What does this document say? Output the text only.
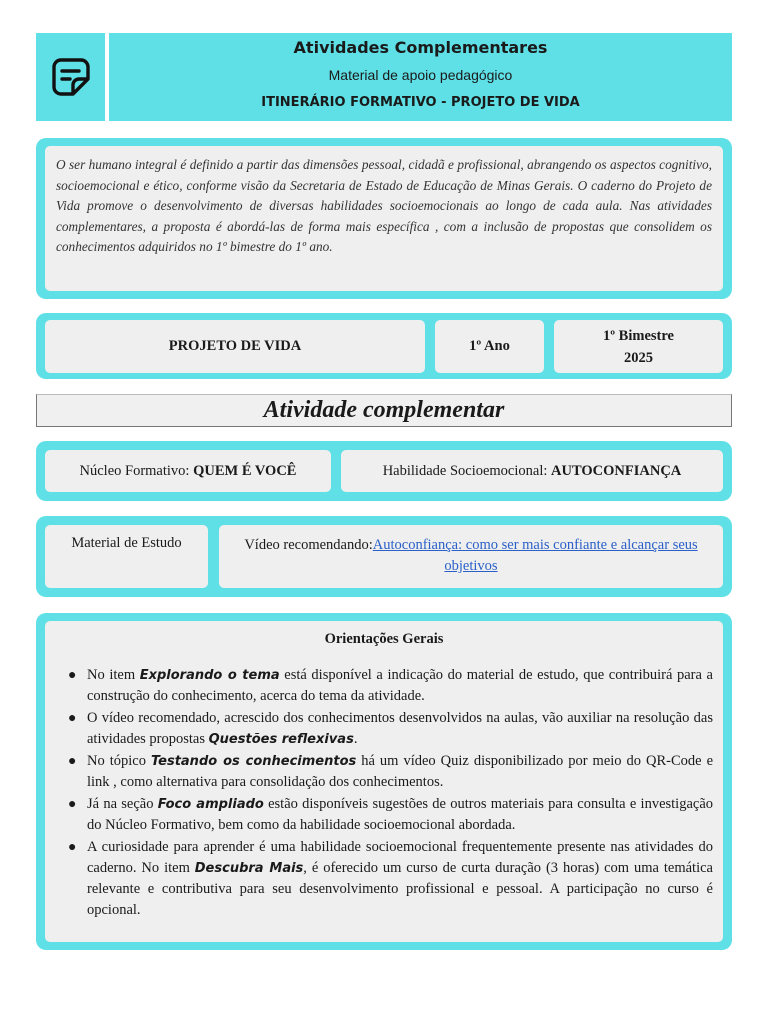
Atividades Complementares
Material de apoio pedagógico
ITINERÁRIO FORMATIVO - PROJETO DE VIDA
O ser humano integral é definido a partir das dimensões pessoal, cidadã e profissional, abrangendo os aspectos cognitivo, socioemocional e ético, conforme visão da Secretaria de Estado de Educação de Minas Gerais. O caderno do Projeto de Vida promove o desenvolvimento de diversas habilidades socioemocionais ao longo de cada aula. Nas atividades complementares, a proposta é abordá-las de forma mais específica , com a inclusão de propostas que consolidem os conhecimentos adquiridos no 1º bimestre do 1º ano.
PROJETO DE VIDA	1º Ano
1º Bimestre
2025
Atividade complementar
Núcleo Formativo:
QUEM É VOCÊ	Habilidade Socioemocional:
AUTOCONFIANÇA
Material de Estudo	Vídeo recomendando:Autoconfiança: como ser mais confiante e alcançar seus objetivos
Orientações Gerais
● No item Explorando o tema está disponível a indicação do material de estudo, que contribuirá para a construção do conhecimento, acerca do tema da atividade.
● O vídeo recomendado, acrescido dos conhecimentos desenvolvidos na aulas, vão auxiliar na resolução das atividades propostas Questões reflexivas.
● No tópico Testando os conhecimentos há um vídeo Quiz disponibilizado por meio do QR-Code e link , como alternativa para consolidação dos conhecimentos.
● Já na seção Foco ampliado estão disponíveis sugestões de outros materiais para consulta e investigação do Núcleo Formativo, bem como da habilidade socioemocional abordada.
● A curiosidade para aprender é uma habilidade socioemocional frequentemente presente nas atividades do caderno. No item Descubra Mais, é oferecido um curso de curta duração (3 horas) com uma temática relevante e contributiva para seu desenvolvimento profissional e pessoal. A participação no curso é opcional.
